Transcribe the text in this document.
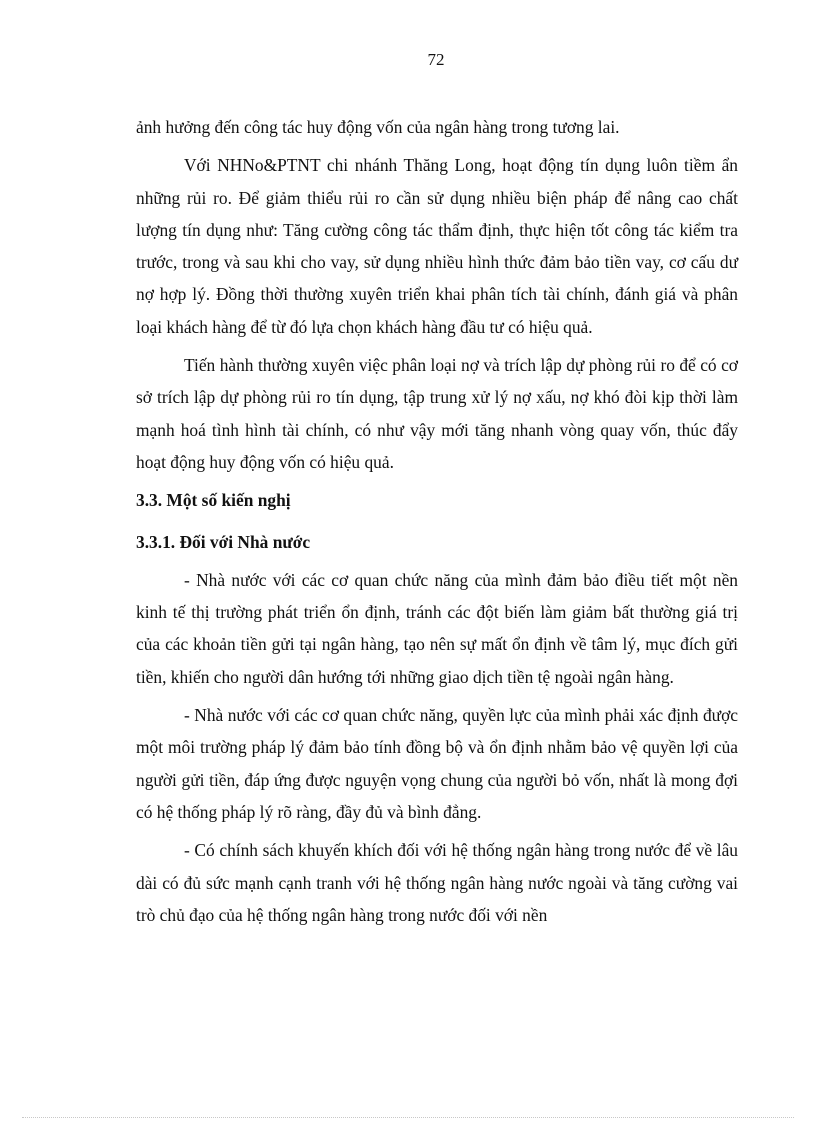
72

ảnh hưởng đến công tác huy động vốn của ngân hàng trong tương lai.

Với NHNo&PTNT chi nhánh Thăng Long, hoạt động tín dụng luôn tiềm ẩn những rủi ro. Để giảm thiểu rủi ro cần sử dụng nhiều biện pháp để nâng cao chất lượng tín dụng như: Tăng cường công tác thẩm định, thực hiện tốt công tác kiểm tra trước, trong và sau khi cho vay, sử dụng nhiều hình thức đảm bảo tiền vay, cơ cấu dư nợ hợp lý. Đồng thời thường xuyên triển khai phân tích tài chính, đánh giá và phân loại khách hàng để từ đó lựa chọn khách hàng đầu tư có hiệu quả.

Tiến hành thường xuyên việc phân loại nợ và trích lập dự phòng rủi ro để có cơ sở trích lập dự phòng rủi ro tín dụng, tập trung xử lý nợ xấu, nợ khó đòi kịp thời làm mạnh hoá tình hình tài chính, có như vậy mới tăng nhanh vòng quay vốn, thúc đẩy hoạt động huy động vốn có hiệu quả.

3.3. Một số kiến nghị
3.3.1. Đối với Nhà nước

- Nhà nước với các cơ quan chức năng của mình đảm bảo điều tiết một nền kinh tế thị trường phát triển ổn định, tránh các đột biến làm giảm bất thường giá trị của các khoản tiền gửi tại ngân hàng, tạo nên sự mất ổn định về tâm lý, mục đích gửi tiền, khiến cho người dân hướng tới những giao dịch tiền tệ ngoài ngân hàng.

- Nhà nước với các cơ quan chức năng, quyền lực của mình phải xác định được một môi trường pháp lý đảm bảo tính đồng bộ và ổn định nhằm bảo vệ quyền lợi của người gửi tiền, đáp ứng được nguyện vọng chung của người bỏ vốn, nhất là mong đợi có hệ thống pháp lý rõ ràng, đầy đủ và bình đẳng.

- Có chính sách khuyến khích đối với hệ thống ngân hàng trong nước để về lâu dài có đủ sức mạnh cạnh tranh với hệ thống ngân hàng nước ngoài và tăng cường vai trò chủ đạo của hệ thống ngân hàng trong nước đối với nền
